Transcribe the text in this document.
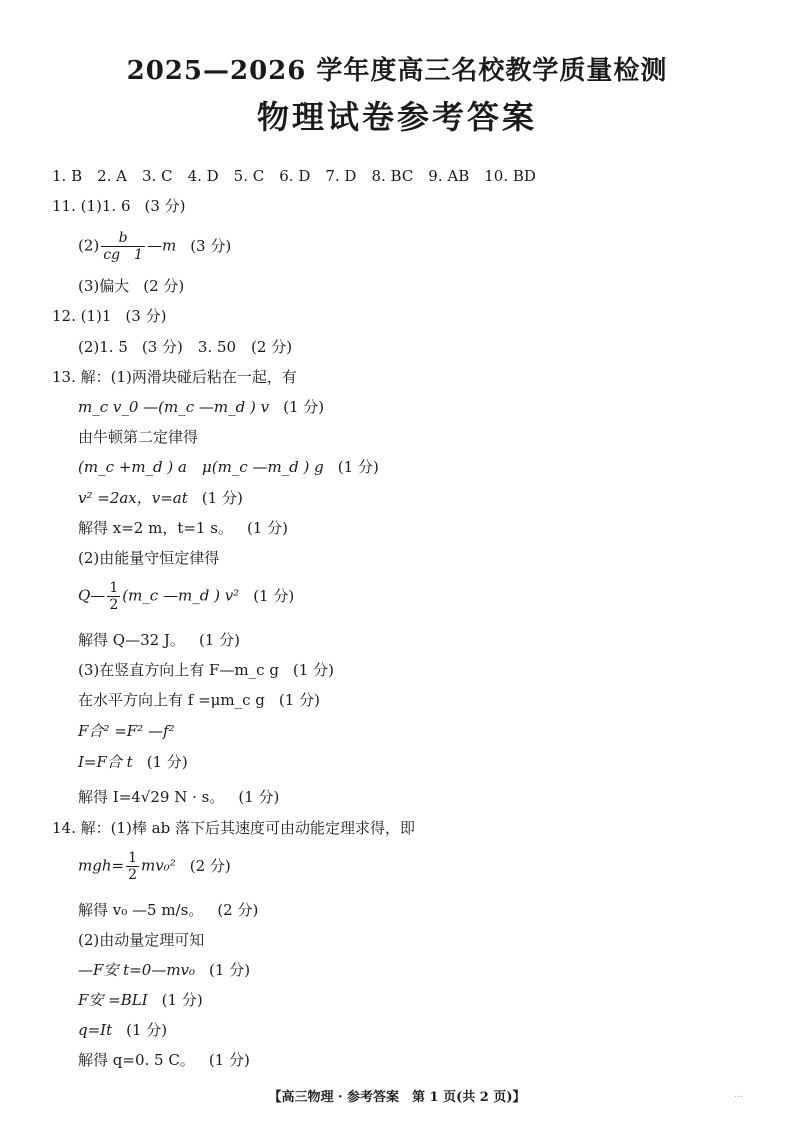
2025—2026 学年度高三名校教学质量检测
物理试卷参考答案
1. B　2. A　3. C　4. D　5. C　6. D　7. D　8. BC　9. AB　10. BD
11. (1)1. 6 (3 分)
$(2) \frac{b}{cg 1}$ —m (3 分)
(3)偏大 (2 分)
12. (1)1 (3 分)
(2)1. 5 (3 分)　3. 50　(2 分)
13. 解：(1)两滑块碰后粘在一起，有
m_c v_0 —(m_c —m_d ) v (1 分)
由牛顿第二定律得
(m_c +m_d ) a　μ(m_c —m_d ) g (1 分)
v² =2ax，v=at (1 分)
解得 x=2 m，t=1 s。 (1 分)
(2)由能量守恒定律得
Q— $\frac{1}{2}$ (m_c —m_d ) v² (1 分)
解得 Q—32 J。 (1 分)
(3)在竖直方向上有 F—m_c g (1 分)
在水平方向上有 f =μm_c g (1 分)
F合² =F² —f²
I=F合 t (1 分)
解得 I=4√29 N · s。 (1 分)
14. 解：(1)棒 ab 落下后其速度可由动能定理求得，即
$mgh= \frac{1}{2} mv_0^2$ (2 分)
解得 v₀ —5 m/s。 (2 分)
(2)由动量定理可知
—F安 t=0—mv₀ (1 分)
F安 =BLI (1 分)
q=It (1 分)
解得 q=0. 5 C。 (1 分)
【高三物理 · 参考答案　第 1 页(共 2 页)】	...
